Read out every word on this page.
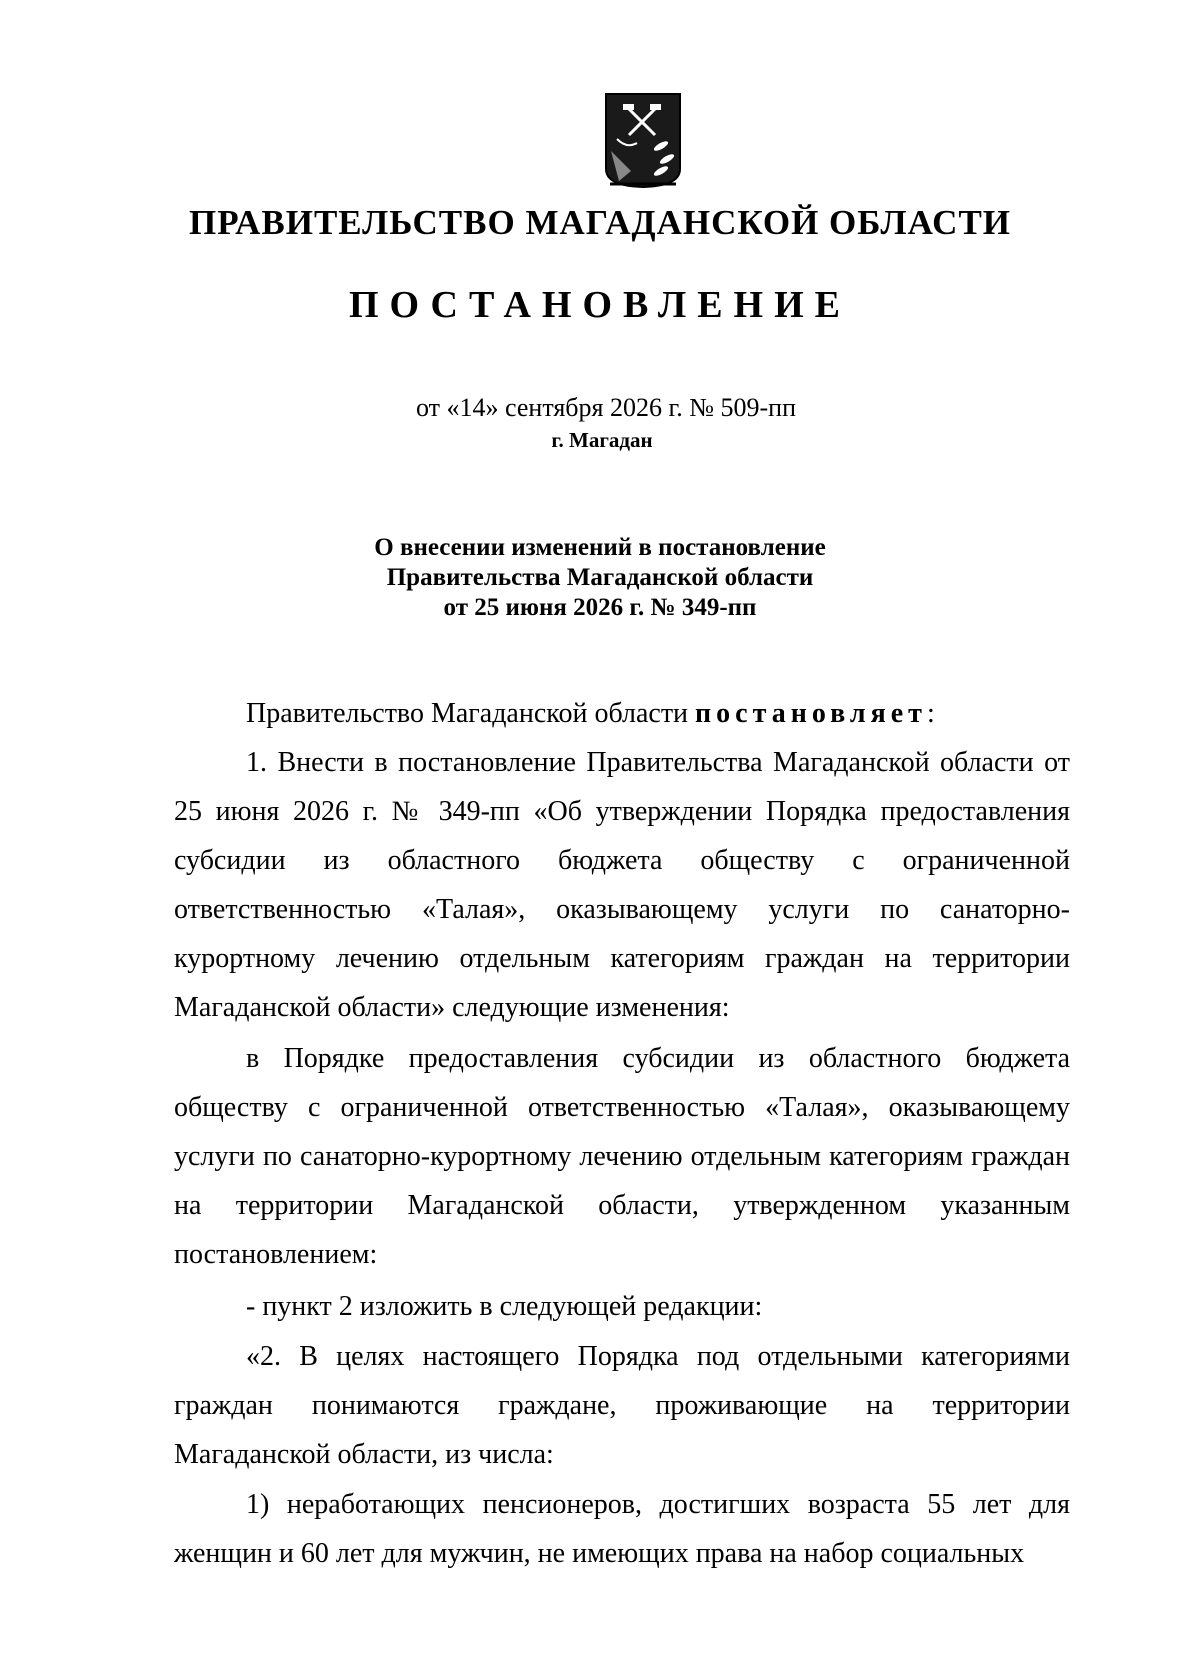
ПРАВИТЕЛЬСТВО МАГАДАНСКОЙ ОБЛАСТИ
ПОСТАНОВЛЕНИЕ
от «14» сентября 2026 г. № 509-пп
г. Магадан
О внесении изменений в постановление
Правительства Магаданской области
от 25 июня 2026 г. № 349-пп
Правительство Магаданской области постановляет:
1. Внести в постановление Правительства Магаданской области от 25 июня 2026 г. № 349-пп «Об утверждении Порядка предоставления субсидии из областного бюджета обществу с ограниченной ответственностью «Талая», оказывающему услуги по санаторно-курортному лечению отдельным категориям граждан на территории Магаданской области» следующие изменения:
в Порядке предоставления субсидии из областного бюджета обществу с ограниченной ответственностью «Талая», оказывающему услуги по санаторно-курортному лечению отдельным категориям граждан на территории Магаданской области, утвержденном указанным постановлением:
- пункт 2 изложить в следующей редакции:
«2. В целях настоящего Порядка под отдельными категориями граждан понимаются граждане, проживающие на территории Магаданской области, из числа:
1) неработающих пенсионеров, достигших возраста 55 лет для женщин и 60 лет для мужчин, не имеющих права на набор социальных
